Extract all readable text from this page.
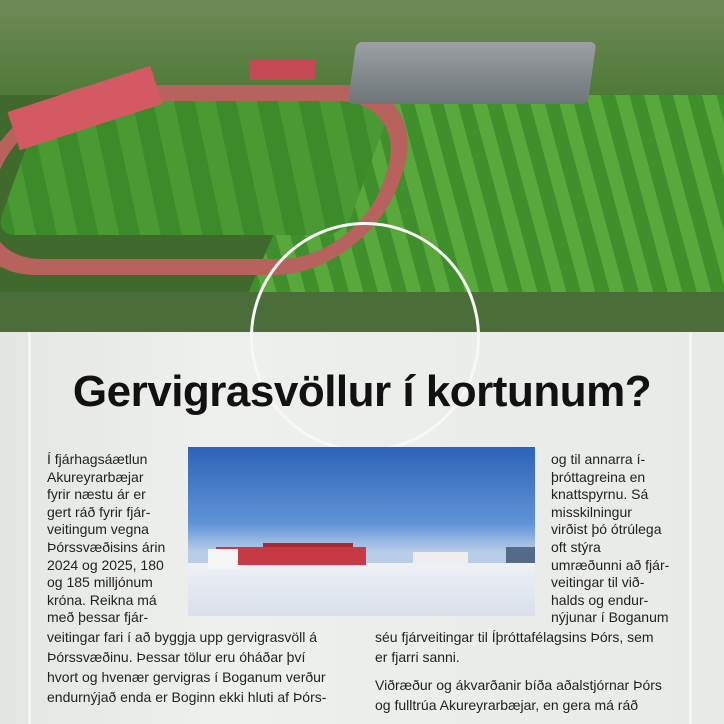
Gervigrasvöllur í kortunum?
Í fjárhagsáætlun
Akureyrarbæjar
fyrir næstu ár er
gert ráð fyrir fjár-
veitingum vegna
Þórssvæðisins árin
2024 og 2025, 180
og 185 milljónum
króna. Reikna má
með þessar fjár-
veitingar fari í að byggja upp gervigrasvöll á
Þórssvæðinu. Þessar tölur eru óháðar því
hvort og hvenær gervigras í Boganum verður
endurnýjað enda er Boginn ekki hluti af Þórs-
og til annarra í-
þróttagreina en
knattspyrnu. Sá
misskilningur
virðist þó ótrúlega
oft stýra
umræðunni að fjár-
veitingar til við-
halds og endur-
nýjunar í Boganum
séu fjárveitingar til Íþróttafélagsins Þórs, sem
er fjarri sanni.
Viðræður og ákvarðanir bíða aðalstjórnar Þórs
og fulltrúa Akureyrarbæjar, en gera má ráð
